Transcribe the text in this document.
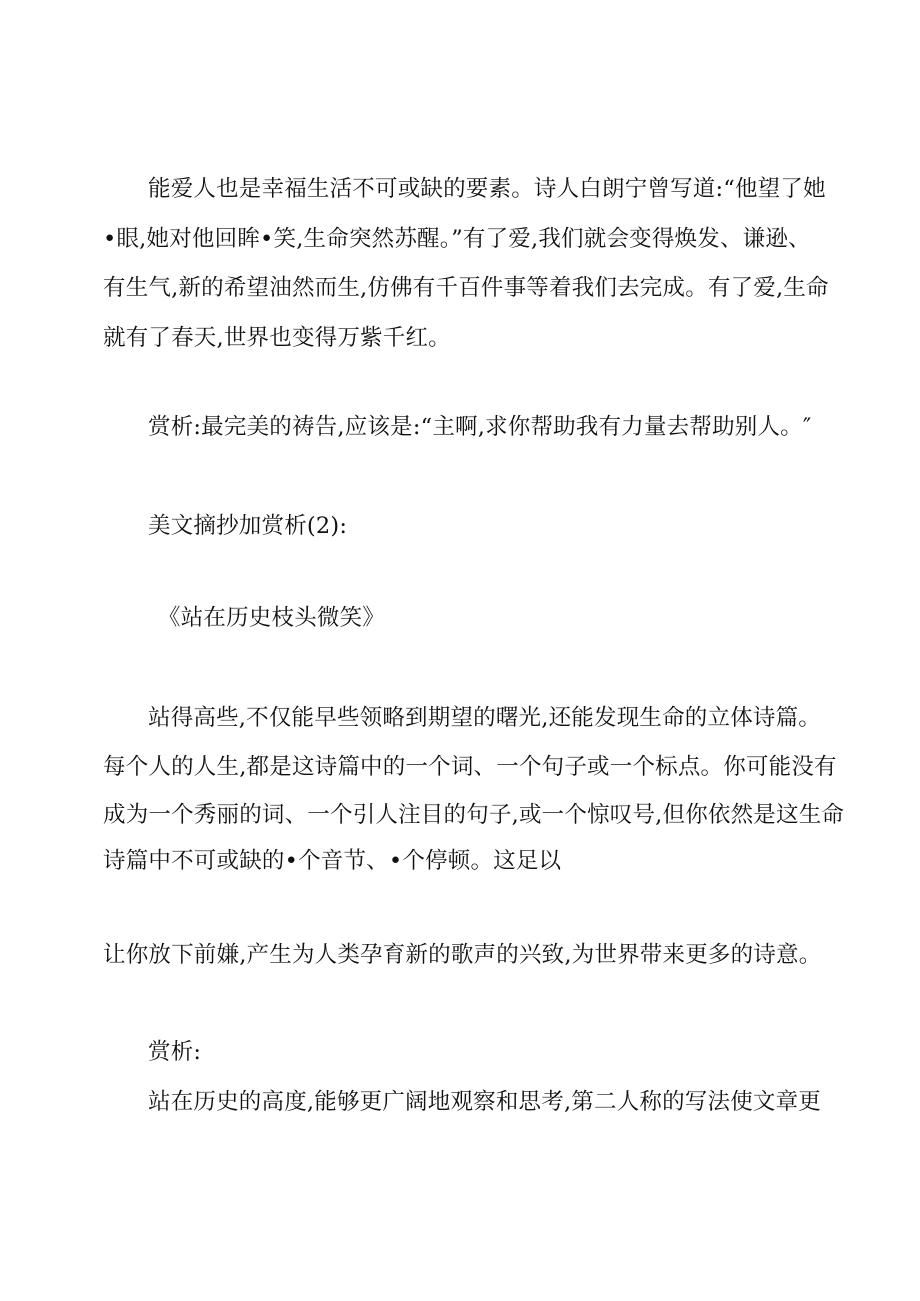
能爱人也是幸福生活不可或缺的要素。诗人白朗宁曾写道:“他望了她
•眼,她对他回眸•笑,生命突然苏醒。”有了爱,我们就会变得焕发、谦逊、
有生气,新的希望油然而生,仿佛有千百件事等着我们去完成。有了爱,生命
就有了春天,世界也变得万紫千红。
赏析:最完美的祷告,应该是:“主啊,求你帮助我有力量去帮助别人。″
美文摘抄加赏析(2):
《站在历史枝头微笑》
站得高些,不仅能早些领略到期望的曙光,还能发现生命的立体诗篇。
每个人的人生,都是这诗篇中的一个词、一个句子或一个标点。你可能没有
成为一个秀丽的词、一个引人注目的句子,或一个惊叹号,但你依然是这生命
诗篇中不可或缺的•个音节、•个停顿。这足以
让你放下前嫌,产生为人类孕育新的歌声的兴致,为世界带来更多的诗意。
赏析:
站在历史的高度,能够更广阔地观察和思考,第二人称的写法使文章更
